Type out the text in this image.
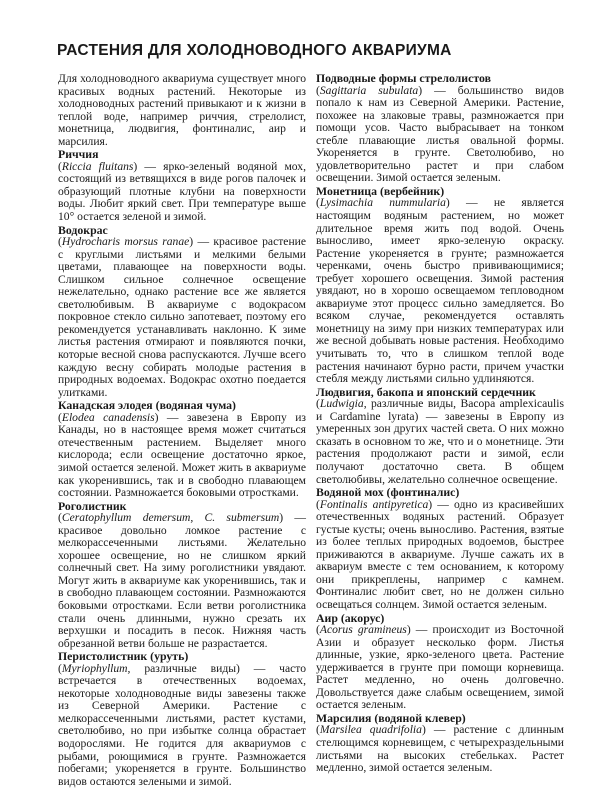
РАСТЕНИЯ ДЛЯ ХОЛОДНОВОДНОГО АКВАРИУМА

Для холодноводного аквариума существует много красивых водных растений. Некоторые из холодноводных растений привыкают и к жизни в теплой воде, например риччия, стрелолист, монетница, людвигия, фонтиналис, аир и марсилия.

Риччия

(Riccia fluitans) — ярко-зеленый водяной мох, состоящий из ветвящихся в виде рогов палочек и образующий плотные клубни на поверхности воды. Любит яркий свет. При температуре выше 10° остается зеленой и зимой.

Водокрас

(Hydrocharis morsus ranae) — красивое растение с круглыми листьями и мелкими белыми цветами, плавающее на поверхности воды. Слишком сильное солнечное освещение нежелательно, однако растение все же является светолюбивым. В аквариуме с водокрасом покровное стекло сильно запотевает, поэтому его рекомендуется устанавливать наклонно. К зиме листья растения отмирают и появляются почки, которые весной снова распускаются. Лучше всего каждую весну собирать молодые растения в природных водоемах. Водокрас охотно поедается улитками.

Канадская элодея (водяная чума)

(Elodea canadensis) — завезена в Европу из Канады, но в настоящее время может считаться отечественным растением. Выделяет много кислорода; если освещение достаточно яркое, зимой остается зеленой. Может жить в аквариуме как укоренившись, так и в свободно плавающем состоянии. Размножается боковыми отростками.

Роголистник

(Ceratophyllum demersum, C. submersum) — красивое довольно ломкое растение с мелкорассеченными листьями. Желательно хорошее освещение, но не слишком яркий солнечный свет. На зиму роголистники увядают. Могут жить в аквариуме как укоренившись, так и в свободно плавающем состоянии. Размножаются боковыми отростками. Если ветви роголистника стали очень длинными, нужно срезать их верхушки и посадить в песок. Нижняя часть обрезанной ветви больше не разрастается.

Перистолистник (уруть)

(Myriophyllum, различные виды) — часто встречается в отечественных водоемах, некоторые холодноводные виды завезены также из Северной Америки. Растение с мелкорассеченными листьями, растет кустами, светолюбиво, но при избытке солнца обрастает водорослями. Не годится для аквариумов с рыбами, роющимися в грунте. Размножается побегами; укореняется в грунте. Большинство видов остаются зелеными и зимой.

Подводные формы стрелолистов

(Sagittaria subulata) — большинство видов попало к нам из Северной Америки. Растение, похожее на злаковые травы, размножается при помощи усов. Часто выбрасывает на тонком стебле плавающие листья овальной формы. Укореняется в грунте. Светолюбиво, но удовлетворительно растет и при слабом освещении. Зимой остается зеленым.

Монетница (вербейник)

(Lysimachia nummularia) — не является настоящим водяным растением, но может длительное время жить под водой. Очень выносливо, имеет ярко-зеленую окраску. Растение укореняется в грунте; размножается черенками, очень быстро прививающимися; требует хорошего освещения. Зимой растения увядают, но в хорошо освещаемом тепловодном аквариуме этот процесс сильно замедляется. Во всяком случае, рекомендуется оставлять монетницу на зиму при низких температурах или же весной добывать новые растения. Необходимо учитывать то, что в слишком теплой воде растения начинают бурно расти, причем участки стебля между листьями сильно удлиняются.

Людвигия, бакопа и японский сердечник

(Ludwigia, различные виды, Bacopa amplexicaulis и Cardamine lyrata) — завезены в Европу из умеренных зон других частей света. О них можно сказать в основном то же, что и о монетнице. Эти растения продолжают расти и зимой, если получают достаточно света. В общем светолюбивы, желательно солнечное освещение.

Водяной мох (фонтиналис)

(Fontinalis antipyretica) — одно из красивейших отечественных водяных растений. Образует густые кусты; очень выносливо. Растения, взятые из более теплых природных водоемов, быстрее приживаются в аквариуме. Лучше сажать их в аквариум вместе с тем основанием, к которому они прикреплены, например с камнем. Фонтиналис любит свет, но не должен сильно освещаться солнцем. Зимой остается зеленым.

Аир (акорус)

(Acorus gramineus) — происходит из Восточной Азии и образует несколько форм. Листья длинные, узкие, ярко-зеленого цвета. Растение удерживается в грунте при помощи корневища. Растет медленно, но очень долговечно. Довольствуется даже слабым освещением, зимой остается зеленым.

Марсилия (водяной клевер)

(Marsilea quadrifolia) — растение с длинным стелющимся корневищем, с четырехраздельными листьями на высоких стебельках. Растет медленно, зимой остается зеленым.
